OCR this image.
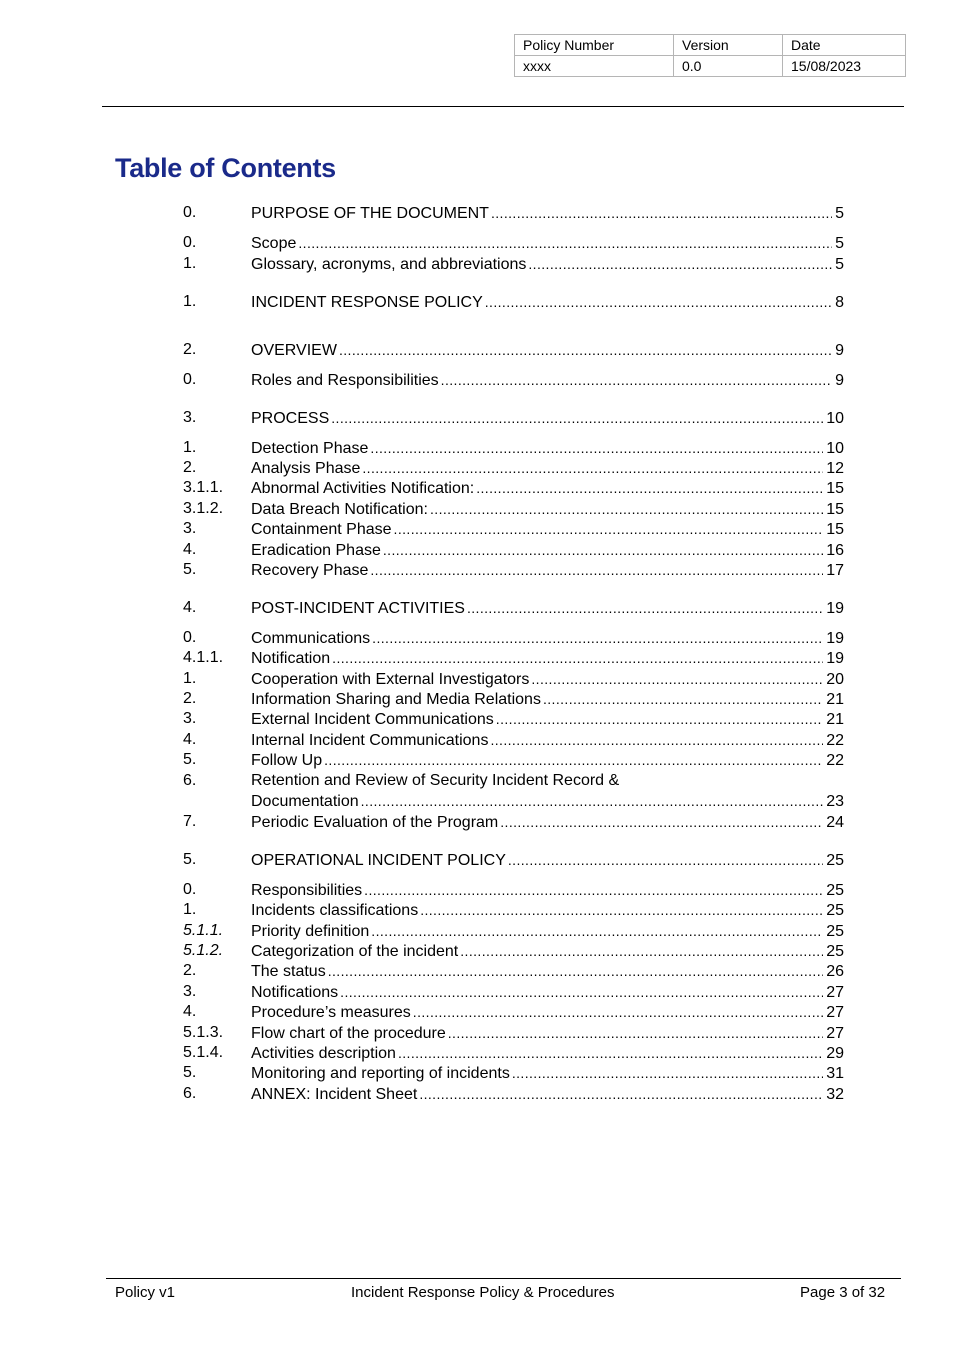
Policy Number	Version	Date
xxxx	0.0	15/08/2023
Table of Contents
0.	PURPOSE OF THE DOCUMENT .....	5
0.	Scope .....	5
1.	Glossary, acronyms, and abbreviations .....	5
1.	INCIDENT RESPONSE POLICY .....	8
2.	OVERVIEW .....	9
0.	Roles and Responsibilities .....	9
3.	PROCESS .....	10
1.	Detection Phase .....	10
2.	Analysis Phase .....	12
3.1.1. Abnormal Activities Notification: .....	15
3.1.2. Data Breach Notification: .....	15
3.	Containment Phase .....	15
4.	Eradication Phase .....	16
5.	Recovery Phase .....	17
4.	POST-INCIDENT ACTIVITIES .....	19
0.	Communications .....	19
4.1.1. Notification .....	19
1.	Cooperation with External Investigators .....	20
2.	Information Sharing and Media Relations .....	21
3.	External Incident Communications .....	21
4.	Internal Incident Communications .....	22
5.	Follow Up .....	22
6.	Retention and Review of Security Incident Record &
Documentation .....	23
7.	Periodic Evaluation of the Program .....	24
5.	OPERATIONAL INCIDENT POLICY .....	25
0.	Responsibilities .....	25
1.	Incidents classifications .....	25
5.1.1. Priority definition .....	25
5.1.2. Categorization of the incident .....	25
2.	The status .....	26
3.	Notifications .....	27
4.	Procedure’s measures .....	27
5.1.3. Flow chart of the procedure .....	27
5.1.4. Activities description .....	29
5.	Monitoring and reporting of incidents .....	31
6.	ANNEX: Incident Sheet .....	32
Policy v1	Incident Response Policy & Procedures	Page 3 of 32
